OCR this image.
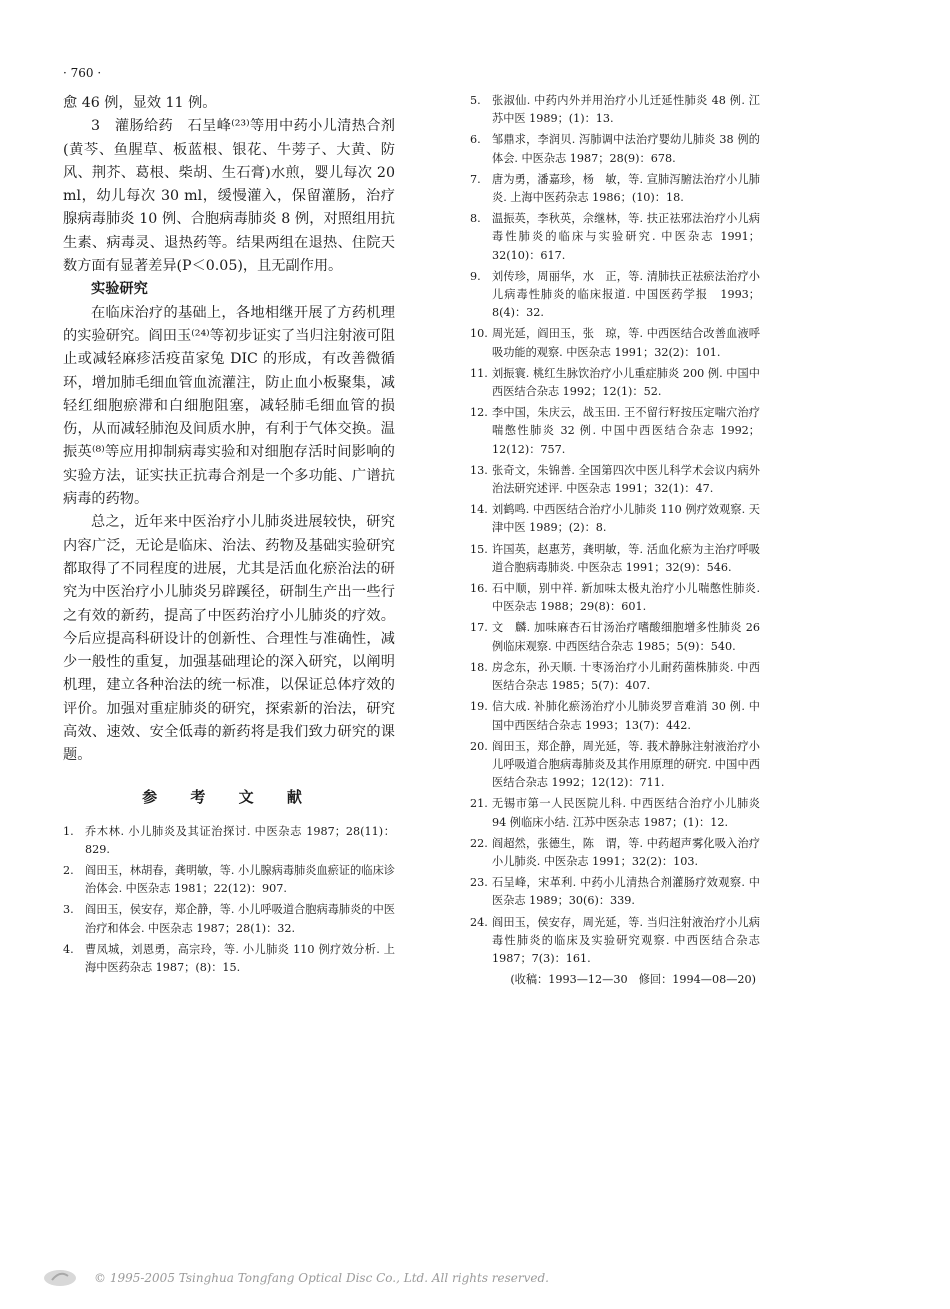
· 760 ·

愈 46 例，显效 11 例。

3　灌肠给药　石呈峰⁽²³⁾等用中药小儿清热合剂(黄芩、鱼腥草、板蓝根、银花、牛蒡子、大黄、防风、荆芥、葛根、柴胡、生石膏)水煎，婴儿每次 20 ml，幼儿每次 30 ml，缓慢灌入，保留灌肠，治疗腺病毒肺炎 10 例、合胞病毒肺炎 8 例，对照组用抗生素、病毒灵、退热药等。结果两组在退热、住院天数方面有显著差异(P＜0.05)，且无副作用。

实验研究

在临床治疗的基础上，各地相继开展了方药机理的实验研究。阎田玉⁽²⁴⁾等初步证实了当归注射液可阻止或减轻麻疹活疫苗家兔 DIC 的形成，有改善微循环，增加肺毛细血管血流灌注，防止血小板聚集，减轻红细胞瘀滞和白细胞阻塞，减轻肺毛细血管的损伤，从而减轻肺泡及间质水肿，有利于气体交换。温振英⁽⁸⁾等应用抑制病毒实验和对细胞存活时间影响的实验方法，证实扶正抗毒合剂是一个多功能、广谱抗病毒的药物。

总之，近年来中医治疗小儿肺炎进展较快，研究内容广泛，无论是临床、治法、药物及基础实验研究都取得了不同程度的进展，尤其是活血化瘀治法的研究为中医治疗小儿肺炎另辟蹊径，研制生产出一些行之有效的新药，提高了中医药治疗小儿肺炎的疗效。今后应提高科研设计的创新性、合理性与准确性，减少一般性的重复，加强基础理论的深入研究，以阐明机理，建立各种治法的统一标准，以保证总体疗效的评价。加强对重症肺炎的研究，探索新的治法，研究高效、速效、安全低毒的新药将是我们致力研究的课题。

参 考 文 献
1.	乔木林. 小儿肺炎及其证治探讨. 中医杂志 1987；28(11)：829.
2.	阎田玉，林胡春，龚明敏，等. 小儿腺病毒肺炎血瘀证的临床诊治体会. 中医杂志 1981；22(12)：907.
3.	阎田玉，侯安存，郑企静，等. 小儿呼吸道合胞病毒肺炎的中医治疗和体会. 中医杂志 1987；28(1)：32.
4.	曹凤城，刘恩勇，高宗玲，等. 小儿肺炎 110 例疗效分析. 上海中医药杂志 1987；(8)：15.
5.	张淑仙. 中药内外并用治疗小儿迁延性肺炎 48 例. 江苏中医 1989；(1)：13.
6.	邹鼎求，李润贝. 泻肺调中法治疗婴幼儿肺炎 38 例的体会. 中医杂志 1987；28(9)：678.
7.	唐为勇，潘嘉珍，杨　敏，等. 宣肺泻腑法治疗小儿肺炎. 上海中医药杂志 1986；(10)：18.
8.	温振英，李秋英，佘继林，等. 扶正祛邪法治疗小儿病毒性肺炎的临床与实验研究. 中医杂志 1991；32(10)：617.
9.	刘传珍，周丽华，水　正，等. 清肺扶正祛瘀法治疗小儿病毒性肺炎的临床报道. 中国医药学报　1993；8(4)：32.
10. 周光延，阎田玉，张　琼，等. 中西医结合改善血液呼吸功能的观察. 中医杂志 1991；32(2)：101.
11. 刘振寰. 桃红生脉饮治疗小儿重症肺炎 200 例. 中国中西医结合杂志 1992；12(1)：52.
12. 李中国，朱庆云，战玉田. 王不留行籽按压定喘穴治疗喘憋性肺炎 32 例. 中国中西医结合杂志 1992；12(12)：757.
13. 张奇文，朱锦善. 全国第四次中医儿科学术会议内病外治法研究述评. 中医杂志 1991；32(1)：47.
14. 刘鹤鸣. 中西医结合治疗小儿肺炎 110 例疗效观察. 天津中医 1989；(2)：8.
15. 许国英，赵惠芳，龚明敏，等. 活血化瘀为主治疗呼吸道合胞病毒肺炎. 中医杂志 1991；32(9)：546.
16. 石中顺，别中祥. 新加味太极丸治疗小儿喘憋性肺炎. 中医杂志 1988；29(8)：601.
17. 文　麟. 加味麻杏石甘汤治疗嗜酸细胞增多性肺炎 26 例临床观察. 中西医结合杂志 1985；5(9)：540.
18. 房念东，孙天顺. 十枣汤治疗小儿耐药菌株肺炎. 中西医结合杂志 1985；5(7)：407.
19. 信大成. 补肺化瘀汤治疗小儿肺炎罗音难消 30 例. 中国中西医结合杂志 1993；13(7)：442.
20. 阎田玉，郑企静，周光延，等. 莪术静脉注射液治疗小儿呼吸道合胞病毒肺炎及其作用原理的研究. 中国中西医结合杂志 1992；12(12)：711.
21. 无锡市第一人民医院儿科. 中西医结合治疗小儿肺炎 94 例临床小结. 江苏中医杂志 1987；(1)：12.
22. 阎超然，张德生，陈　谓，等. 中药超声雾化吸入治疗小儿肺炎. 中医杂志 1991；32(2)：103.
23. 石呈峰，宋革利. 中药小儿清热合剂灌肠疗效观察. 中医杂志 1989；30(6)：339.
24. 阎田玉，侯安存，周光延，等. 当归注射液治疗小儿病毒性肺炎的临床及实验研究观察. 中西医结合杂志 1987；7(3)：161.
(收稿：1993—12—30　修回：1994—08—20)
© 1995-2005 Tsinghua Tongfang Optical Disc Co., Ltd. All rights reserved.
